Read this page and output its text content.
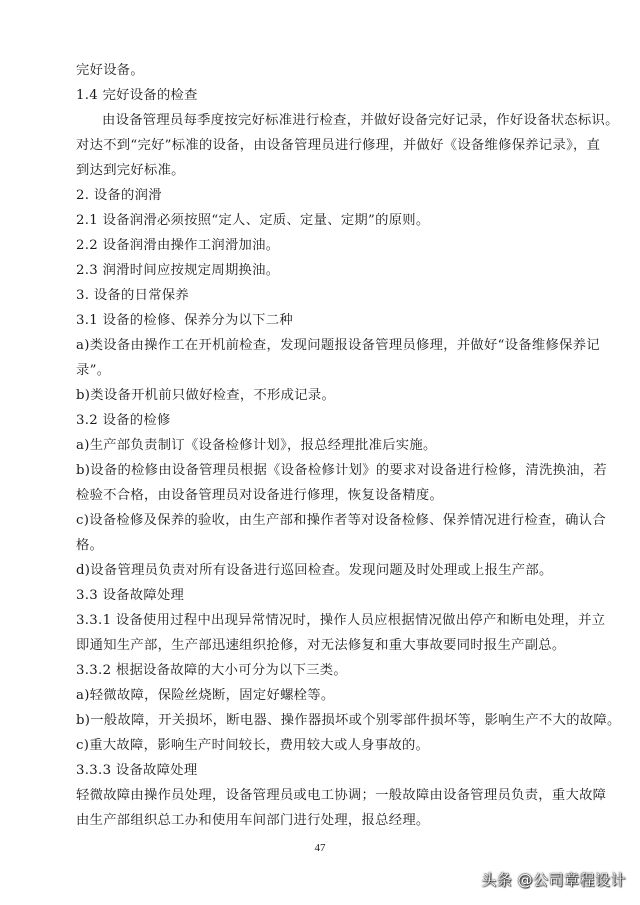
完好设备。
1.4 完好设备的检查
由设备管理员每季度按完好标准进行检查，并做好设备完好记录，作好设备状态标识。
对达不到“完好”标准的设备，由设备管理员进行修理，并做好《设备维修保养记录》，直
到达到完好标准。
2. 设备的润滑
2.1 设备润滑必须按照“定人、定质、定量、定期”的原则。
2.2 设备润滑由操作工润滑加油。
2.3 润滑时间应按规定周期换油。
3. 设备的日常保养
3.1 设备的检修、保养分为以下二种
a)类设备由操作工在开机前检查，发现问题报设备管理员修理，并做好“设备维修保养记
录”。
b)类设备开机前只做好检查，不形成记录。
3.2 设备的检修
a)生产部负责制订《设备检修计划》，报总经理批准后实施。
b)设备的检修由设备管理员根据《设备检修计划》的要求对设备进行检修，清洗换油，若
检验不合格，由设备管理员对设备进行修理，恢复设备精度。
c)设备检修及保养的验收，由生产部和操作者等对设备检修、保养情况进行检查，确认合
格。
d)设备管理员负责对所有设备进行巡回检查。发现问题及时处理或上报生产部。
3.3 设备故障处理
3.3.1 设备使用过程中出现异常情况时，操作人员应根据情况做出停产和断电处理，并立
即通知生产部，生产部迅速组织抢修，对无法修复和重大事故要同时报生产副总。
3.3.2 根据设备故障的大小可分为以下三类。
a)轻微故障，保险丝烧断，固定好螺栓等。
b)一般故障，开关损坏，断电器、操作器损坏或个别零部件损坏等，影响生产不大的故障。
c)重大故障，影响生产时间较长，费用较大或人身事故的。
3.3.3 设备故障处理
轻微故障由操作员处理，设备管理员或电工协调；一般故障由设备管理员负责，重大故障
由生产部组织总工办和使用车间部门进行处理，报总经理。
47
头条 @公司章程设计
